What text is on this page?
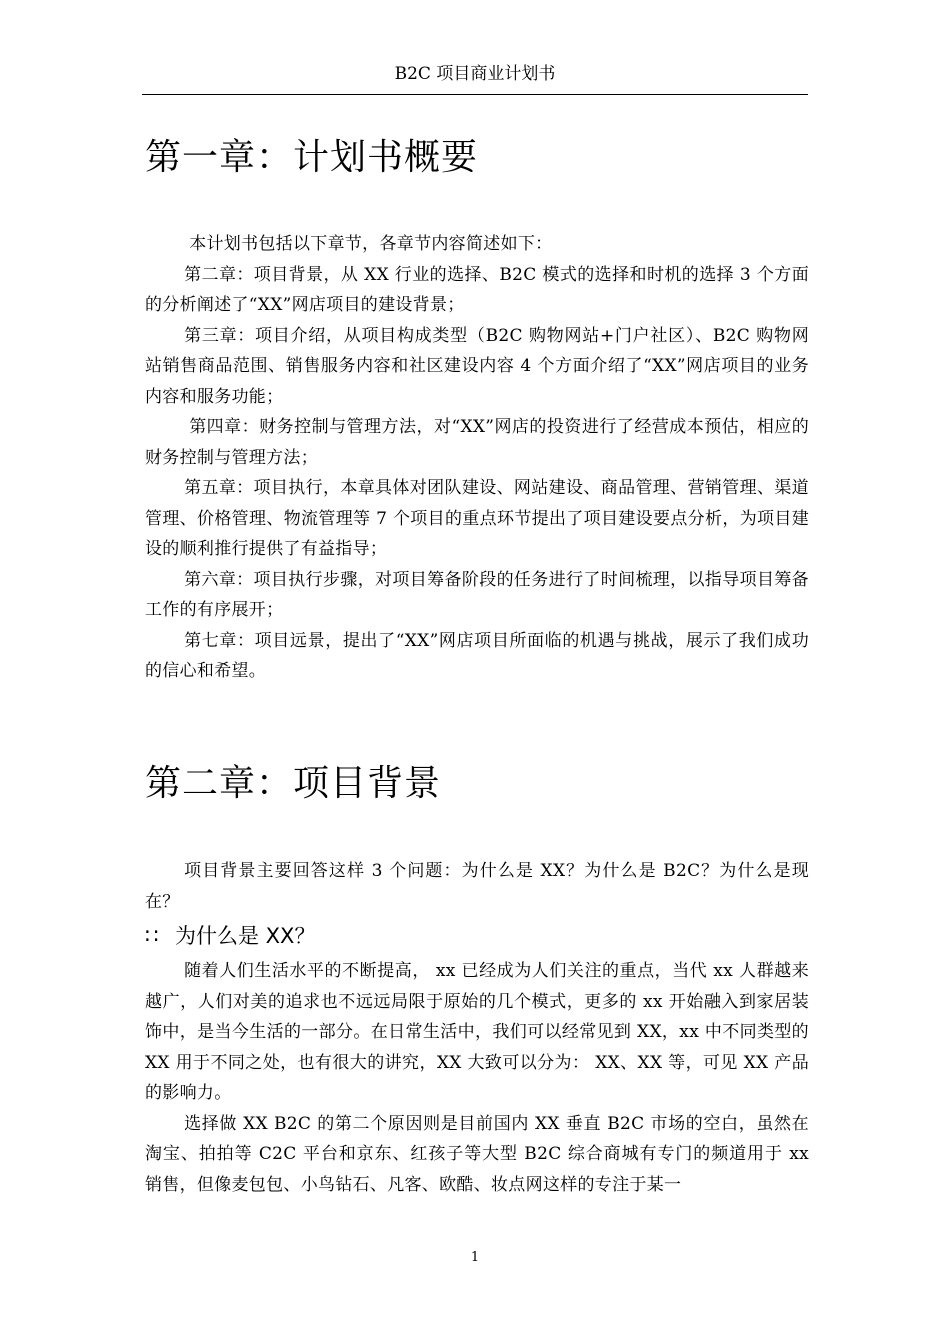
B2C 项目商业计划书
第一章：计划书概要

本计划书包括以下章节，各章节内容简述如下：

第二章：项目背景，从 XX 行业的选择、B2C 模式的选择和时机的选择 3 个方面的分析阐述了“XX”网店项目的建设背景；

第三章：项目介绍，从项目构成类型（B2C 购物网站+门户社区）、B2C 购物网站销售商品范围、销售服务内容和社区建设内容 4 个方面介绍了“XX”网店项目的业务内容和服务功能；

第四章：财务控制与管理方法，对“XX”网店的投资进行了经营成本预估，相应的财务控制与管理方法；

第五章：项目执行，本章具体对团队建设、网站建设、商品管理、营销管理、渠道管理、价格管理、物流管理等 7 个项目的重点环节提出了项目建设要点分析，为项目建设的顺利推行提供了有益指导；

第六章：项目执行步骤，对项目筹备阶段的任务进行了时间梳理，以指导项目筹备工作的有序展开；

第七章：项目远景，提出了“XX”网店项目所面临的机遇与挑战，展示了我们成功的信心和希望。

第二章：项目背景

项目背景主要回答这样 3 个问题：为什么是 XX？为什么是 B2C？为什么是现在？

∷ 为什么是 XX？

随着人们生活水平的不断提高， xx 已经成为人们关注的重点，当代 xx 人群越来越广，人们对美的追求也不远远局限于原始的几个模式，更多的 xx 开始融入到家居装饰中，是当今生活的一部分。在日常生活中，我们可以经常见到 XX，xx 中不同类型的 XX 用于不同之处，也有很大的讲究，XX 大致可以分为： XX、XX 等，可见 XX 产品的影响力。

选择做 XX B2C 的第二个原因则是目前国内 XX 垂直 B2C 市场的空白，虽然在淘宝、拍拍等 C2C 平台和京东、红孩子等大型 B2C 综合商城有专门的频道用于 xx 销售，但像麦包包、小鸟钻石、凡客、欧酷、妆点网这样的专注于某一

1
